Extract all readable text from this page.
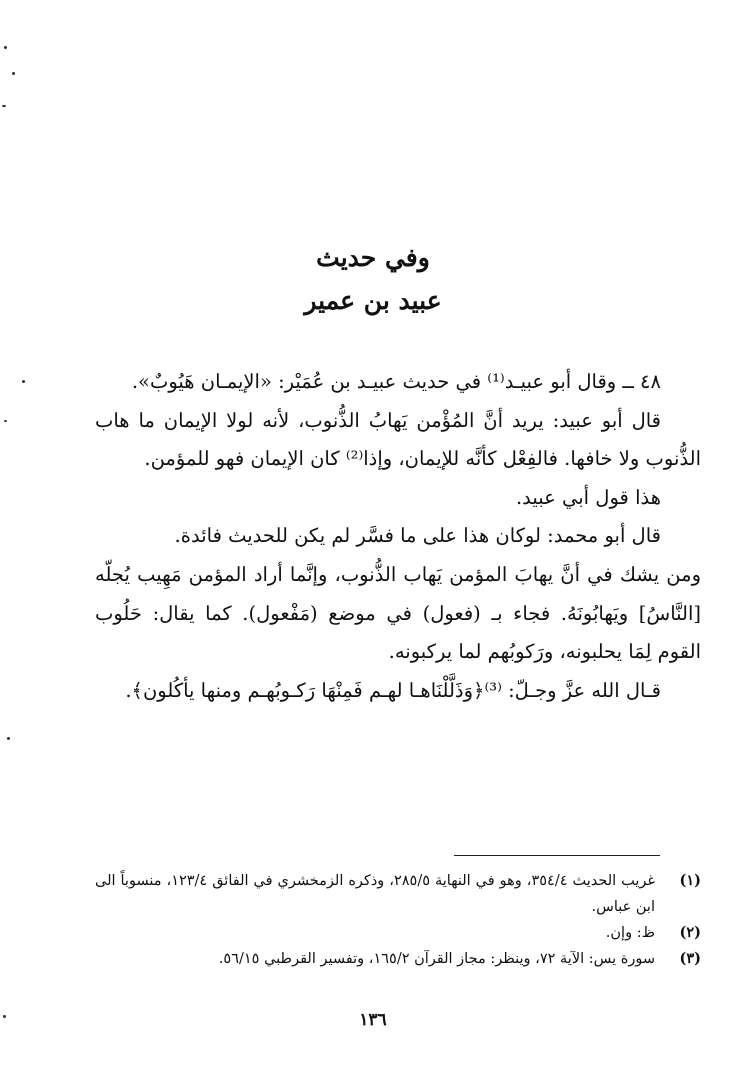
وفي حديث
عبيد بن عمير

٤٨ ــ وقال أبو عبيـد⁽¹⁾ في حديث عبيـد بن عُمَيْر: «الإيمـان هَيُوبٌ».

قال أبو عبيد: يريد أنَّ المُؤْمن يَهابُ الذُّنوب، لأنه لولا الإيمان ما هاب الذُّنوب ولا خافها. فالفِعْل كأنَّه للإيمان، وإذا⁽²⁾ كان الإيمان فهو للمؤمن.

هذا قول أبي عبيد.

قال أبو محمد: لوكان هذا على ما فسَّر لم يكن للحديث فائدة.

ومن يشك في أنَّ يهابَ المؤمن يَهاب الذُّنوب، وإنَّما أراد المؤمن مَهِيب يُجلّه [النَّاسُ] ويَهابُونَهُ. فجاء بـ (فعول) في موضع (مَفْعول). كما يقال: حَلُوب القوم لِمَا يحلبونه، ورَكوبُهم لما يركبونه.

قـال الله عزَّ وجـلّ: ⁽³⁾﴿وَذَلَّلْنَاهـا لهـم فَمِنْهَا رَكـوبُهـم ومنها يأكُلون﴾.

(١)
غريب الحديث ٣٥٤/٤، وهو في النهاية ٢٨٥/٥، وذكره الزمخشري في الفائق ١٢٣/٤، منسوباً الى ابن عباس.
(٢)
ظ: وإن.
(٣)
سورة يس: الآية ٧٢، وينظر: مجاز القرآن ١٦٥/٢، وتفسير القرطبي ٥٦/١٥.
١٣٦
